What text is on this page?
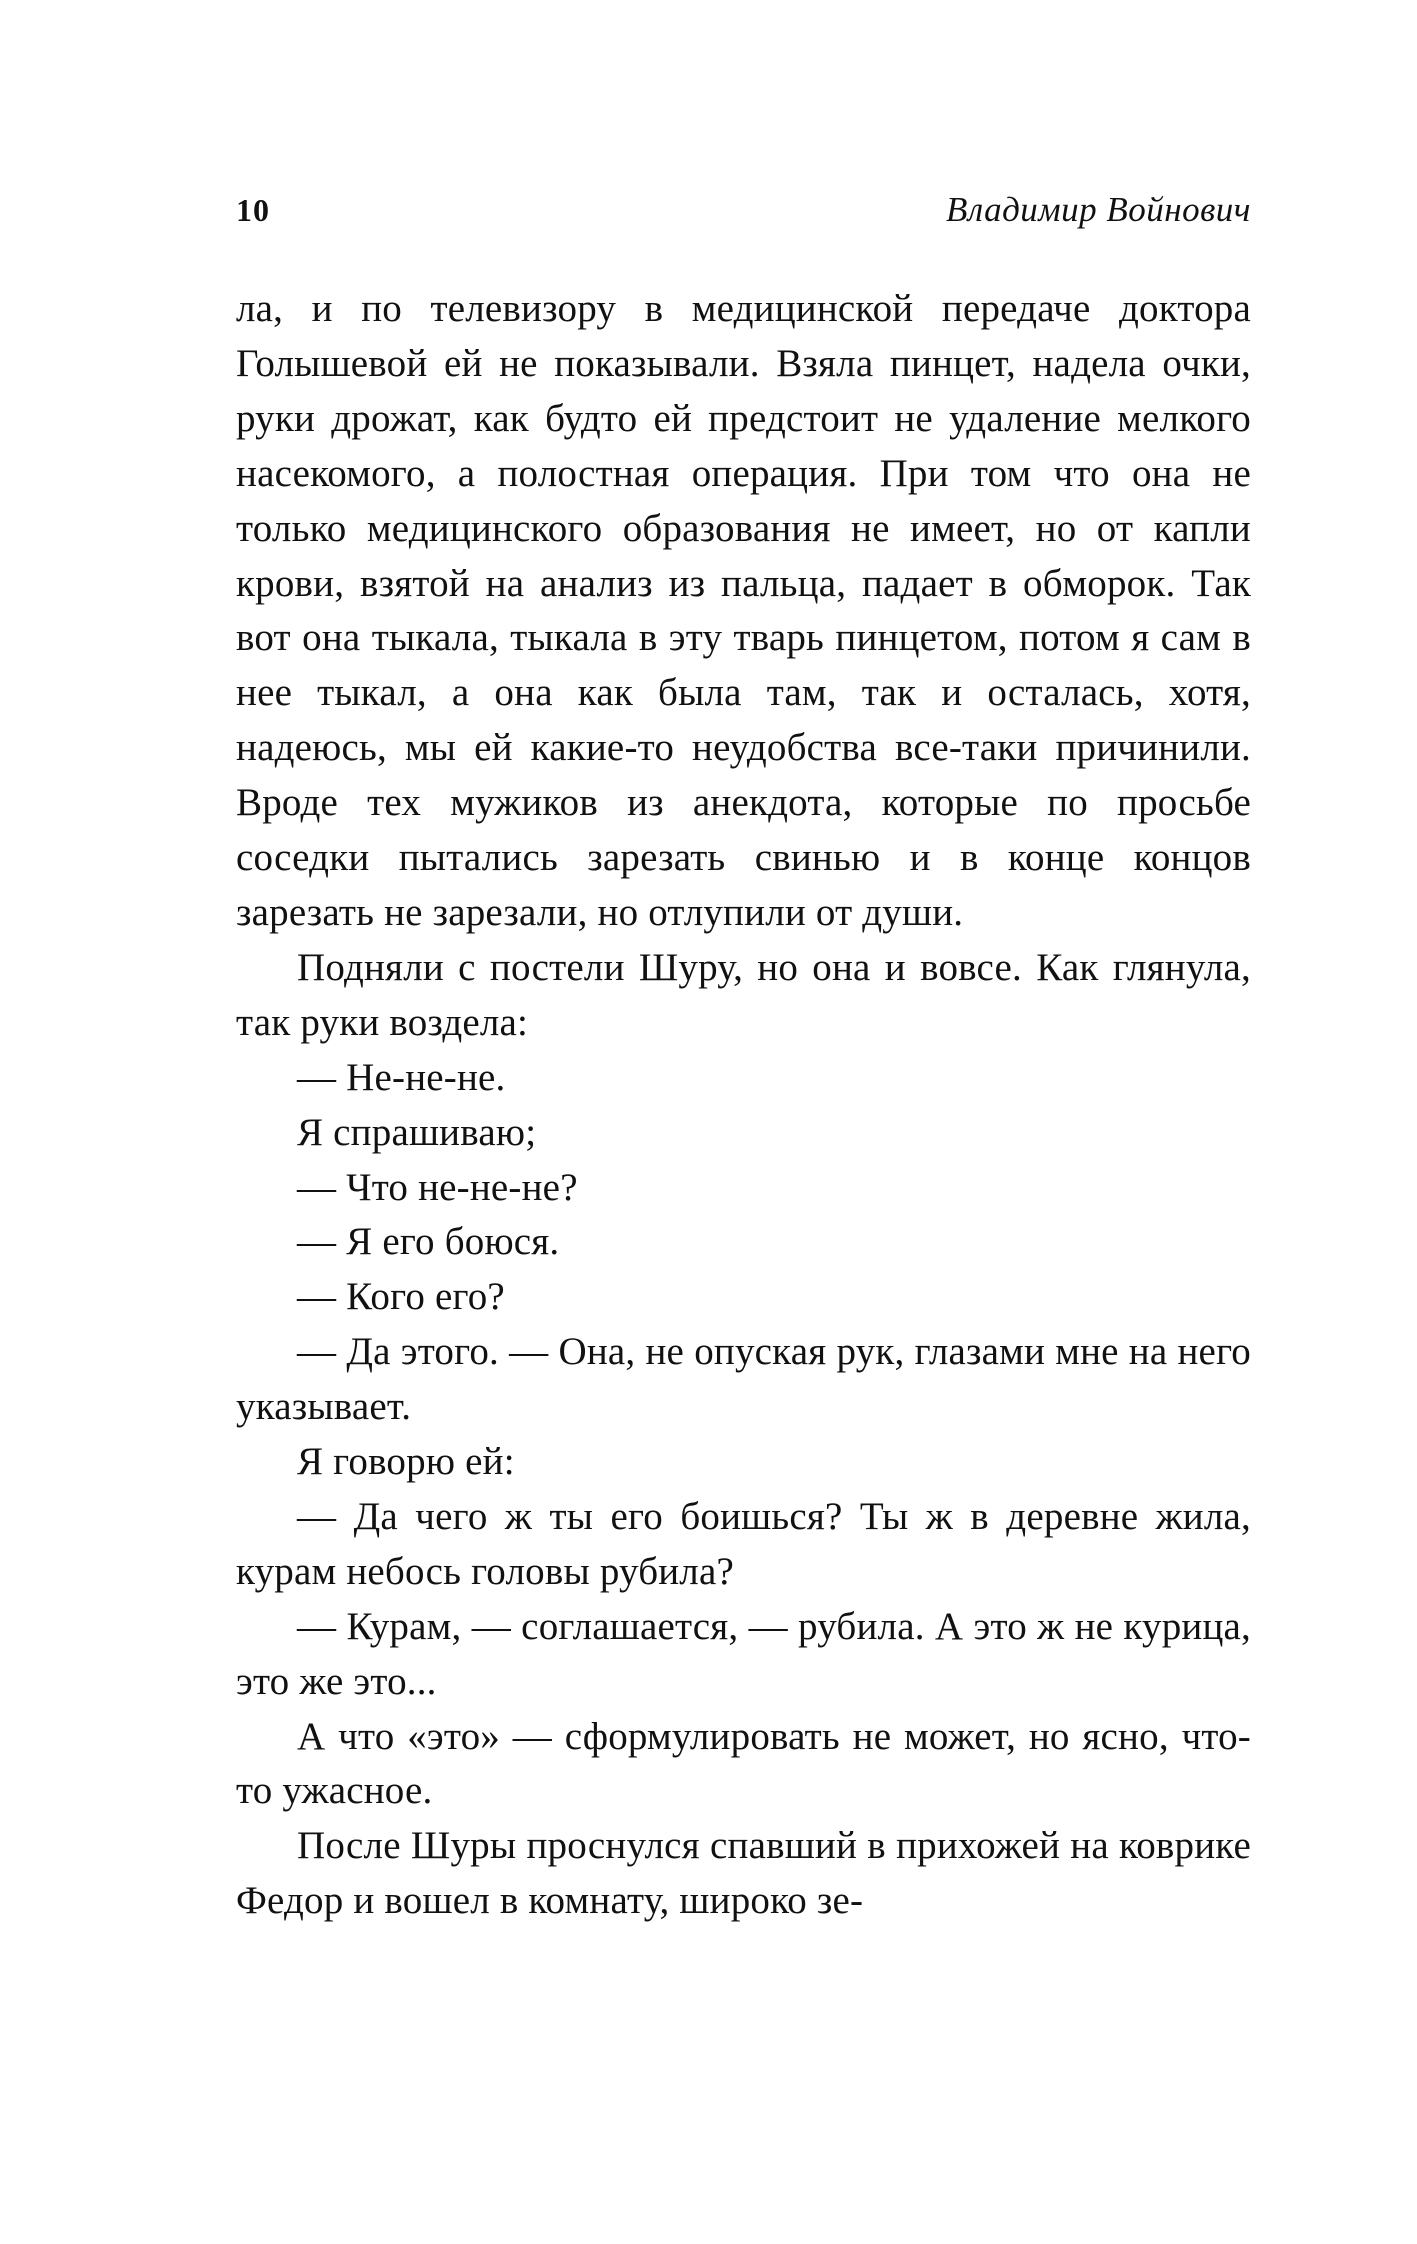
10	Владимир Войнович

ла, и по телевизору в медицинской передаче доктора Голышевой ей не показывали. Взяла пинцет, надела очки, руки дрожат, как будто ей предстоит не удаление мелкого насекомого, а полостная операция. При том что она не только медицинского образования не имеет, но от капли крови, взятой на анализ из пальца, падает в обморок. Так вот она тыкала, тыкала в эту тварь пинцетом, потом я сам в нее тыкал, а она как была там, так и осталась, хотя, надеюсь, мы ей какие-то неудобства все-таки причинили. Вроде тех мужиков из анекдота, которые по просьбе соседки пытались зарезать свинью и в конце концов зарезать не зарезали, но отлупили от души.

Подняли с постели Шуру, но она и вовсе. Как глянула, так руки воздела:

— Не-не-не.

Я спрашиваю;

— Что не-не-не?

— Я его боюся.

— Кого его?

— Да этого. — Она, не опуская рук, глазами мне на него указывает.

Я говорю ей:

— Да чего ж ты его боишься? Ты ж в деревне жила, курам небось головы рубила?

— Курам, — соглашается, — рубила. А это ж не курица, это же это...

А что «это» — сформулировать не может, но ясно, что-то ужасное.

После Шуры проснулся спавший в прихожей на коврике Федор и вошел в комнату, широко зе-
